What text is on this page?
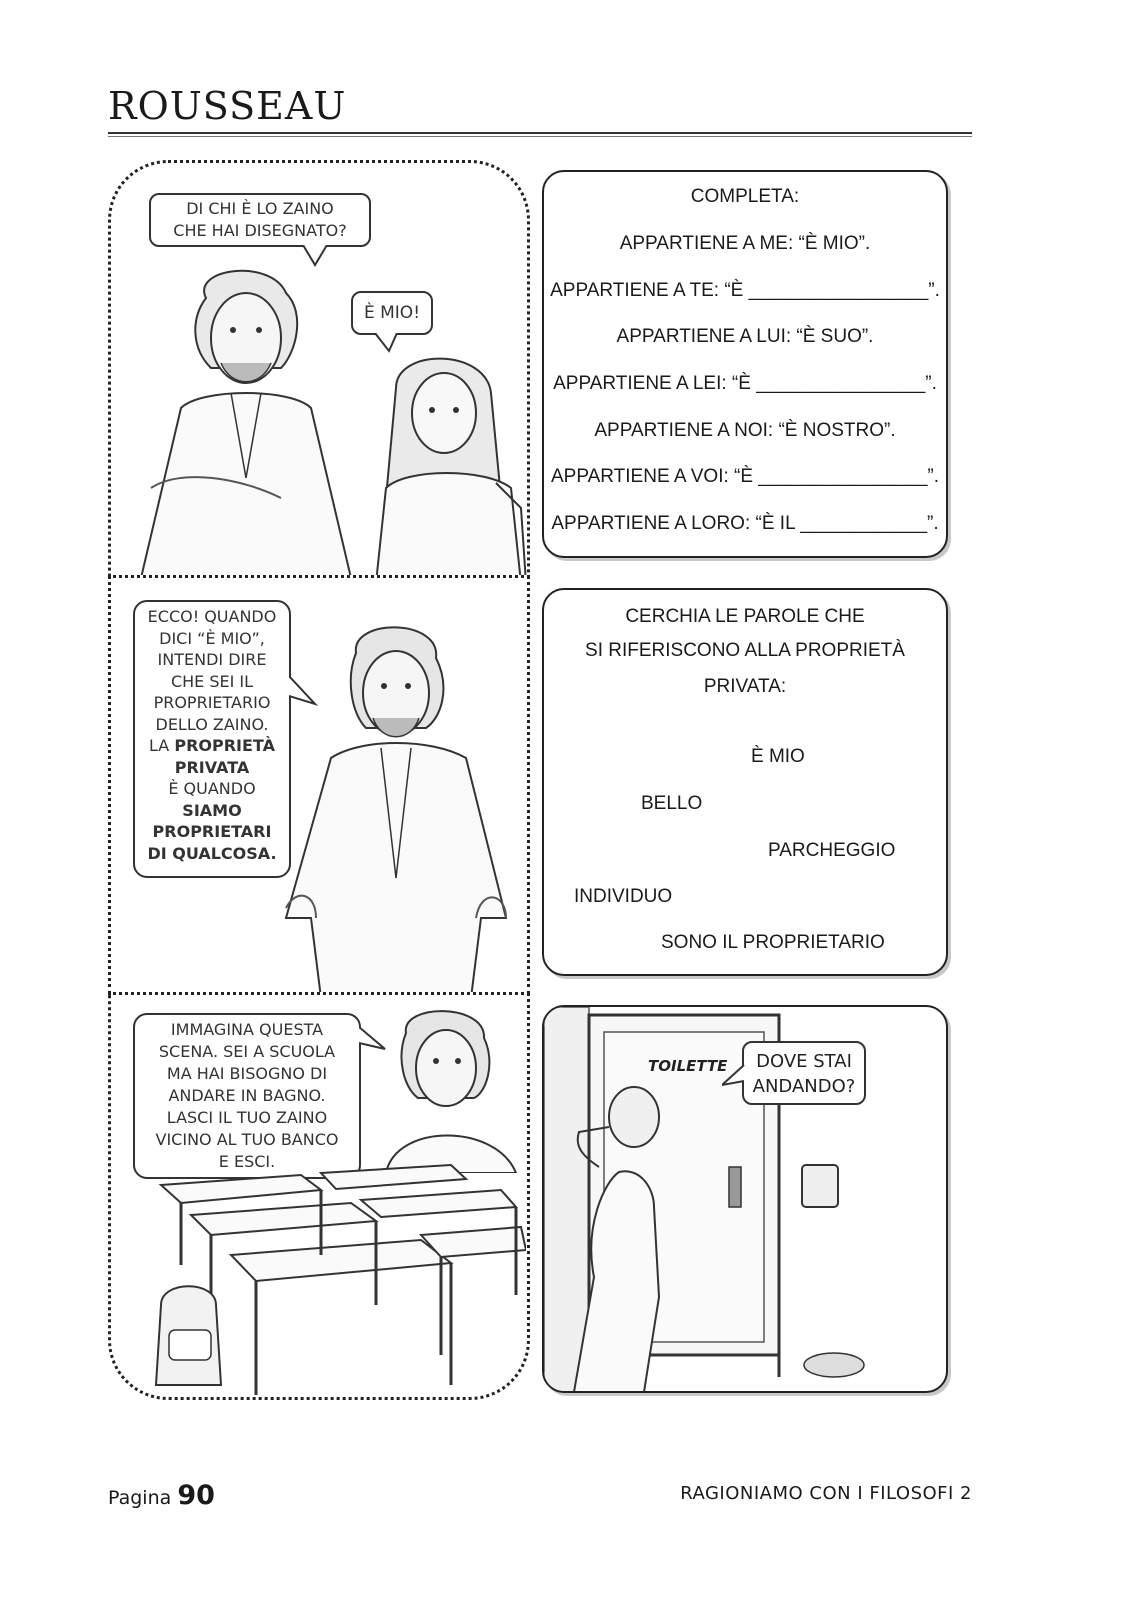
ROUSSEAU
DI CHI È LO ZAINO
CHE HAI DISEGNATO?
È MIO!
COMPLETA:
APPARTIENE A ME: “È MIO”.
APPARTIENE A TE: “È _________________”.
APPARTIENE A LUI: “È SUO”.
APPARTIENE A LEI: “È ________________”.
APPARTIENE A NOI: “È NOSTRO”.
APPARTIENE A VOI: “È ________________”.
APPARTIENE A LORO: “È IL ____________”.
ECCO! QUANDO
DICI “È MIO”,
INTENDI DIRE
CHE SEI IL
PROPRIETARIO
DELLO ZAINO.
LA PROPRIETÀ
PRIVATA
È QUANDO
SIAMO
PROPRIETARI
DI QUALCOSA.
CERCHIA LE PAROLE CHE
SI RIFERISCONO ALLA PROPRIETÀ
PRIVATA:
È MIO
BELLO
PARCHEGGIO
INDIVIDUO
SONO IL PROPRIETARIO
IMMAGINA QUESTA
SCENA. SEI A SCUOLA
MA HAI BISOGNO DI
ANDARE IN BAGNO.
LASCI IL TUO ZAINO
VICINO AL TUO BANCO
E ESCI.
TOILETTE	DOVE STAI
ANDANDO?
Pagina 90	RAGIONIAMO CON I FILOSOFI 2
